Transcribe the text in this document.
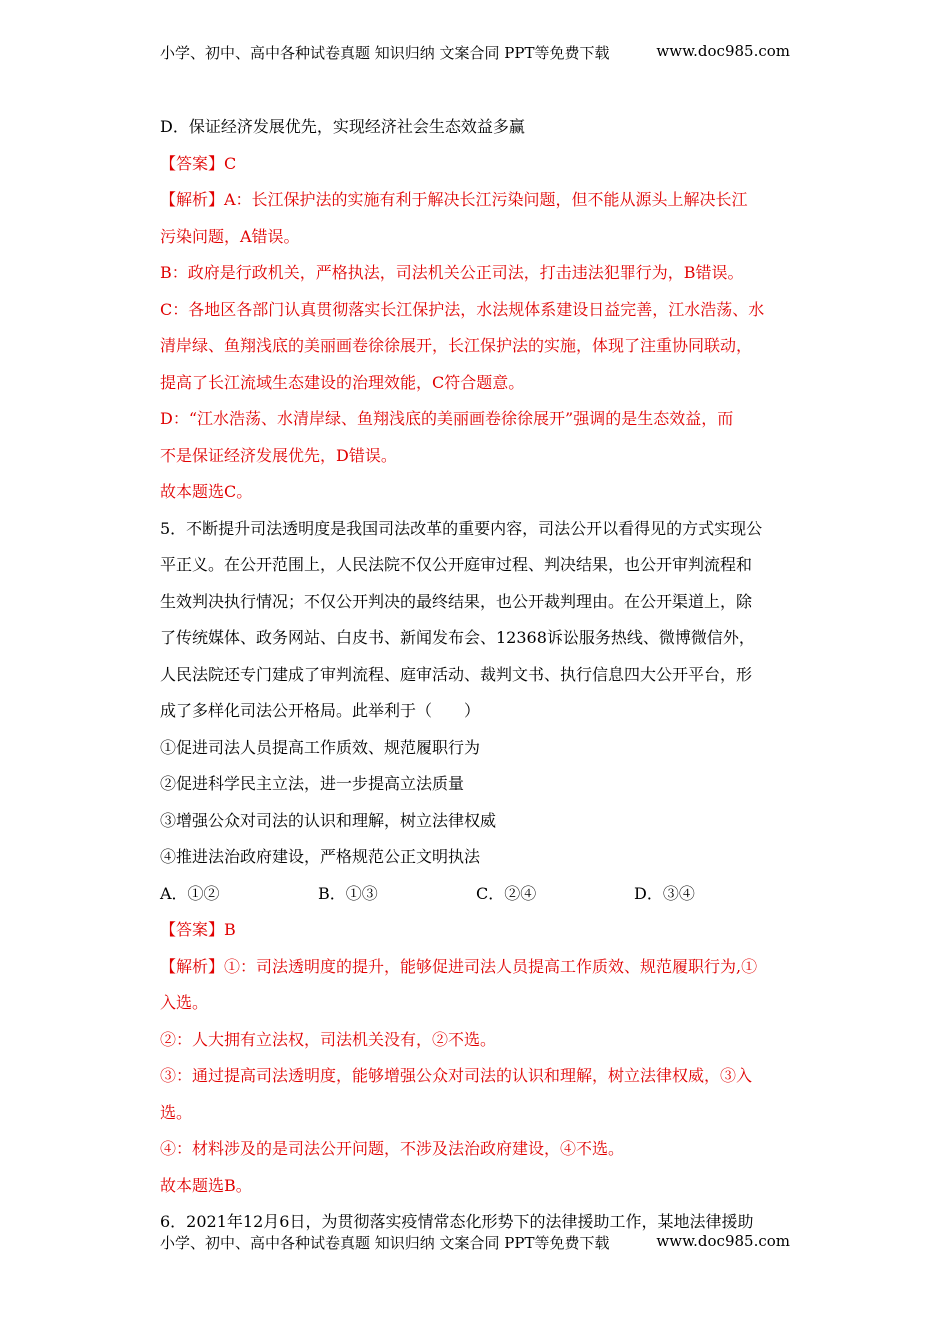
小学、初中、高中各种试卷真题 知识归纳 文案合同 PPT等免费下载	www.doc985.com
D．保证经济发展优先，实现经济社会生态效益多赢
【答案】C
【解析】A：长江保护法的实施有利于解决长江污染问题，但不能从源头上解决长江
污染问题，A错误。
B：政府是行政机关，严格执法，司法机关公正司法，打击违法犯罪行为，B错误。
C：各地区各部门认真贯彻落实长江保护法，水法规体系建设日益完善，江水浩荡、水
清岸绿、鱼翔浅底的美丽画卷徐徐展开，长江保护法的实施，体现了注重协同联动，
提高了长江流域生态建设的治理效能，C符合题意。
D：“江水浩荡、水清岸绿、鱼翔浅底的美丽画卷徐徐展开”强调的是生态效益，而
不是保证经济发展优先，D错误。
故本题选C。
5．不断提升司法透明度是我国司法改革的重要内容，司法公开以看得见的方式实现公
平正义。在公开范围上，人民法院不仅公开庭审过程、判决结果，也公开审判流程和
生效判决执行情况；不仅公开判决的最终结果，也公开裁判理由。在公开渠道上，除
了传统媒体、政务网站、白皮书、新闻发布会、12368诉讼服务热线、微博微信外，
人民法院还专门建成了审判流程、庭审活动、裁判文书、执行信息四大公开平台，形
成了多样化司法公开格局。此举利于（　　）
①促进司法人员提高工作质效、规范履职行为
②促进科学民主立法，进一步提高立法质量
③增强公众对司法的认识和理解，树立法律权威
④推进法治政府建设，严格规范公正文明执法
A．①②	B．①③	C．②④	D．③④
【答案】B
【解析】①：司法透明度的提升，能够促进司法人员提高工作质效、规范履职行为,①
入选。
②：人大拥有立法权，司法机关没有，②不选。
③：通过提高司法透明度，能够增强公众对司法的认识和理解，树立法律权威，③入
选。
④：材料涉及的是司法公开问题，不涉及法治政府建设，④不选。
故本题选B。
6．2021年12月6日，为贯彻落实疫情常态化形势下的法律援助工作，某地法律援助
小学、初中、高中各种试卷真题 知识归纳 文案合同 PPT等免费下载	www.doc985.com
